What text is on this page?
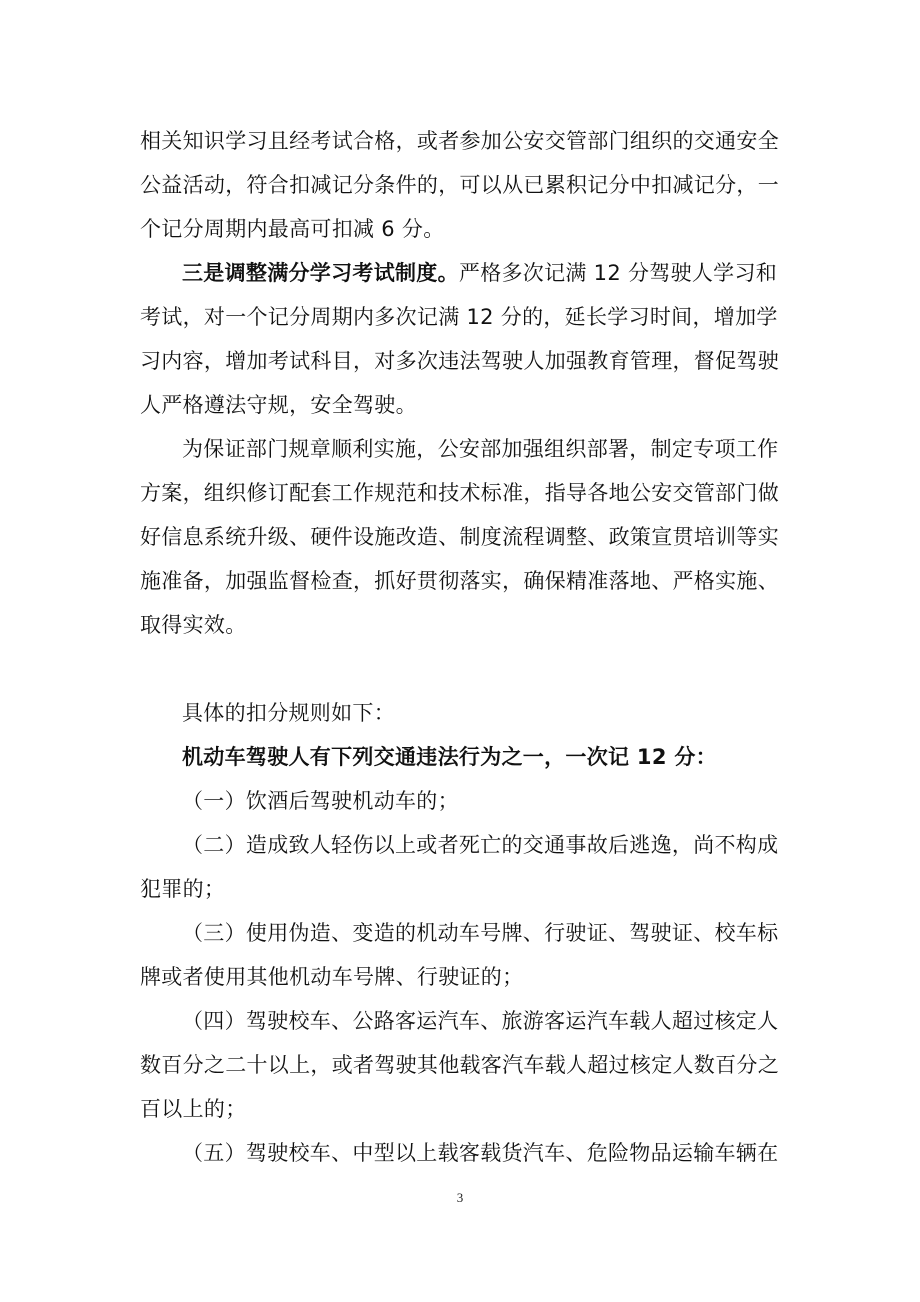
相关知识学习且经考试合格，或者参加公安交管部门组织的交通安全
公益活动，符合扣减记分条件的，可以从已累积记分中扣减记分，一
个记分周期内最高可扣减 6 分。
三是调整满分学习考试制度。严格多次记满 12 分驾驶人学习和
考试，对一个记分周期内多次记满 12 分的，延长学习时间，增加学
习内容，增加考试科目，对多次违法驾驶人加强教育管理，督促驾驶
人严格遵法守规，安全驾驶。
为保证部门规章顺利实施，公安部加强组织部署，制定专项工作
方案，组织修订配套工作规范和技术标准，指导各地公安交管部门做
好信息系统升级、硬件设施改造、制度流程调整、政策宣贯培训等实
施准备，加强监督检查，抓好贯彻落实，确保精准落地、严格实施、
取得实效。
具体的扣分规则如下：
机动车驾驶人有下列交通违法行为之一，一次记 12 分：
（一）饮酒后驾驶机动车的；
（二）造成致人轻伤以上或者死亡的交通事故后逃逸，尚不构成
犯罪的；
（三）使用伪造、变造的机动车号牌、行驶证、驾驶证、校车标
牌或者使用其他机动车号牌、行驶证的；
（四）驾驶校车、公路客运汽车、旅游客运汽车载人超过核定人
数百分之二十以上，或者驾驶其他载客汽车载人超过核定人数百分之
百以上的；
（五）驾驶校车、中型以上载客载货汽车、危险物品运输车辆在
3
